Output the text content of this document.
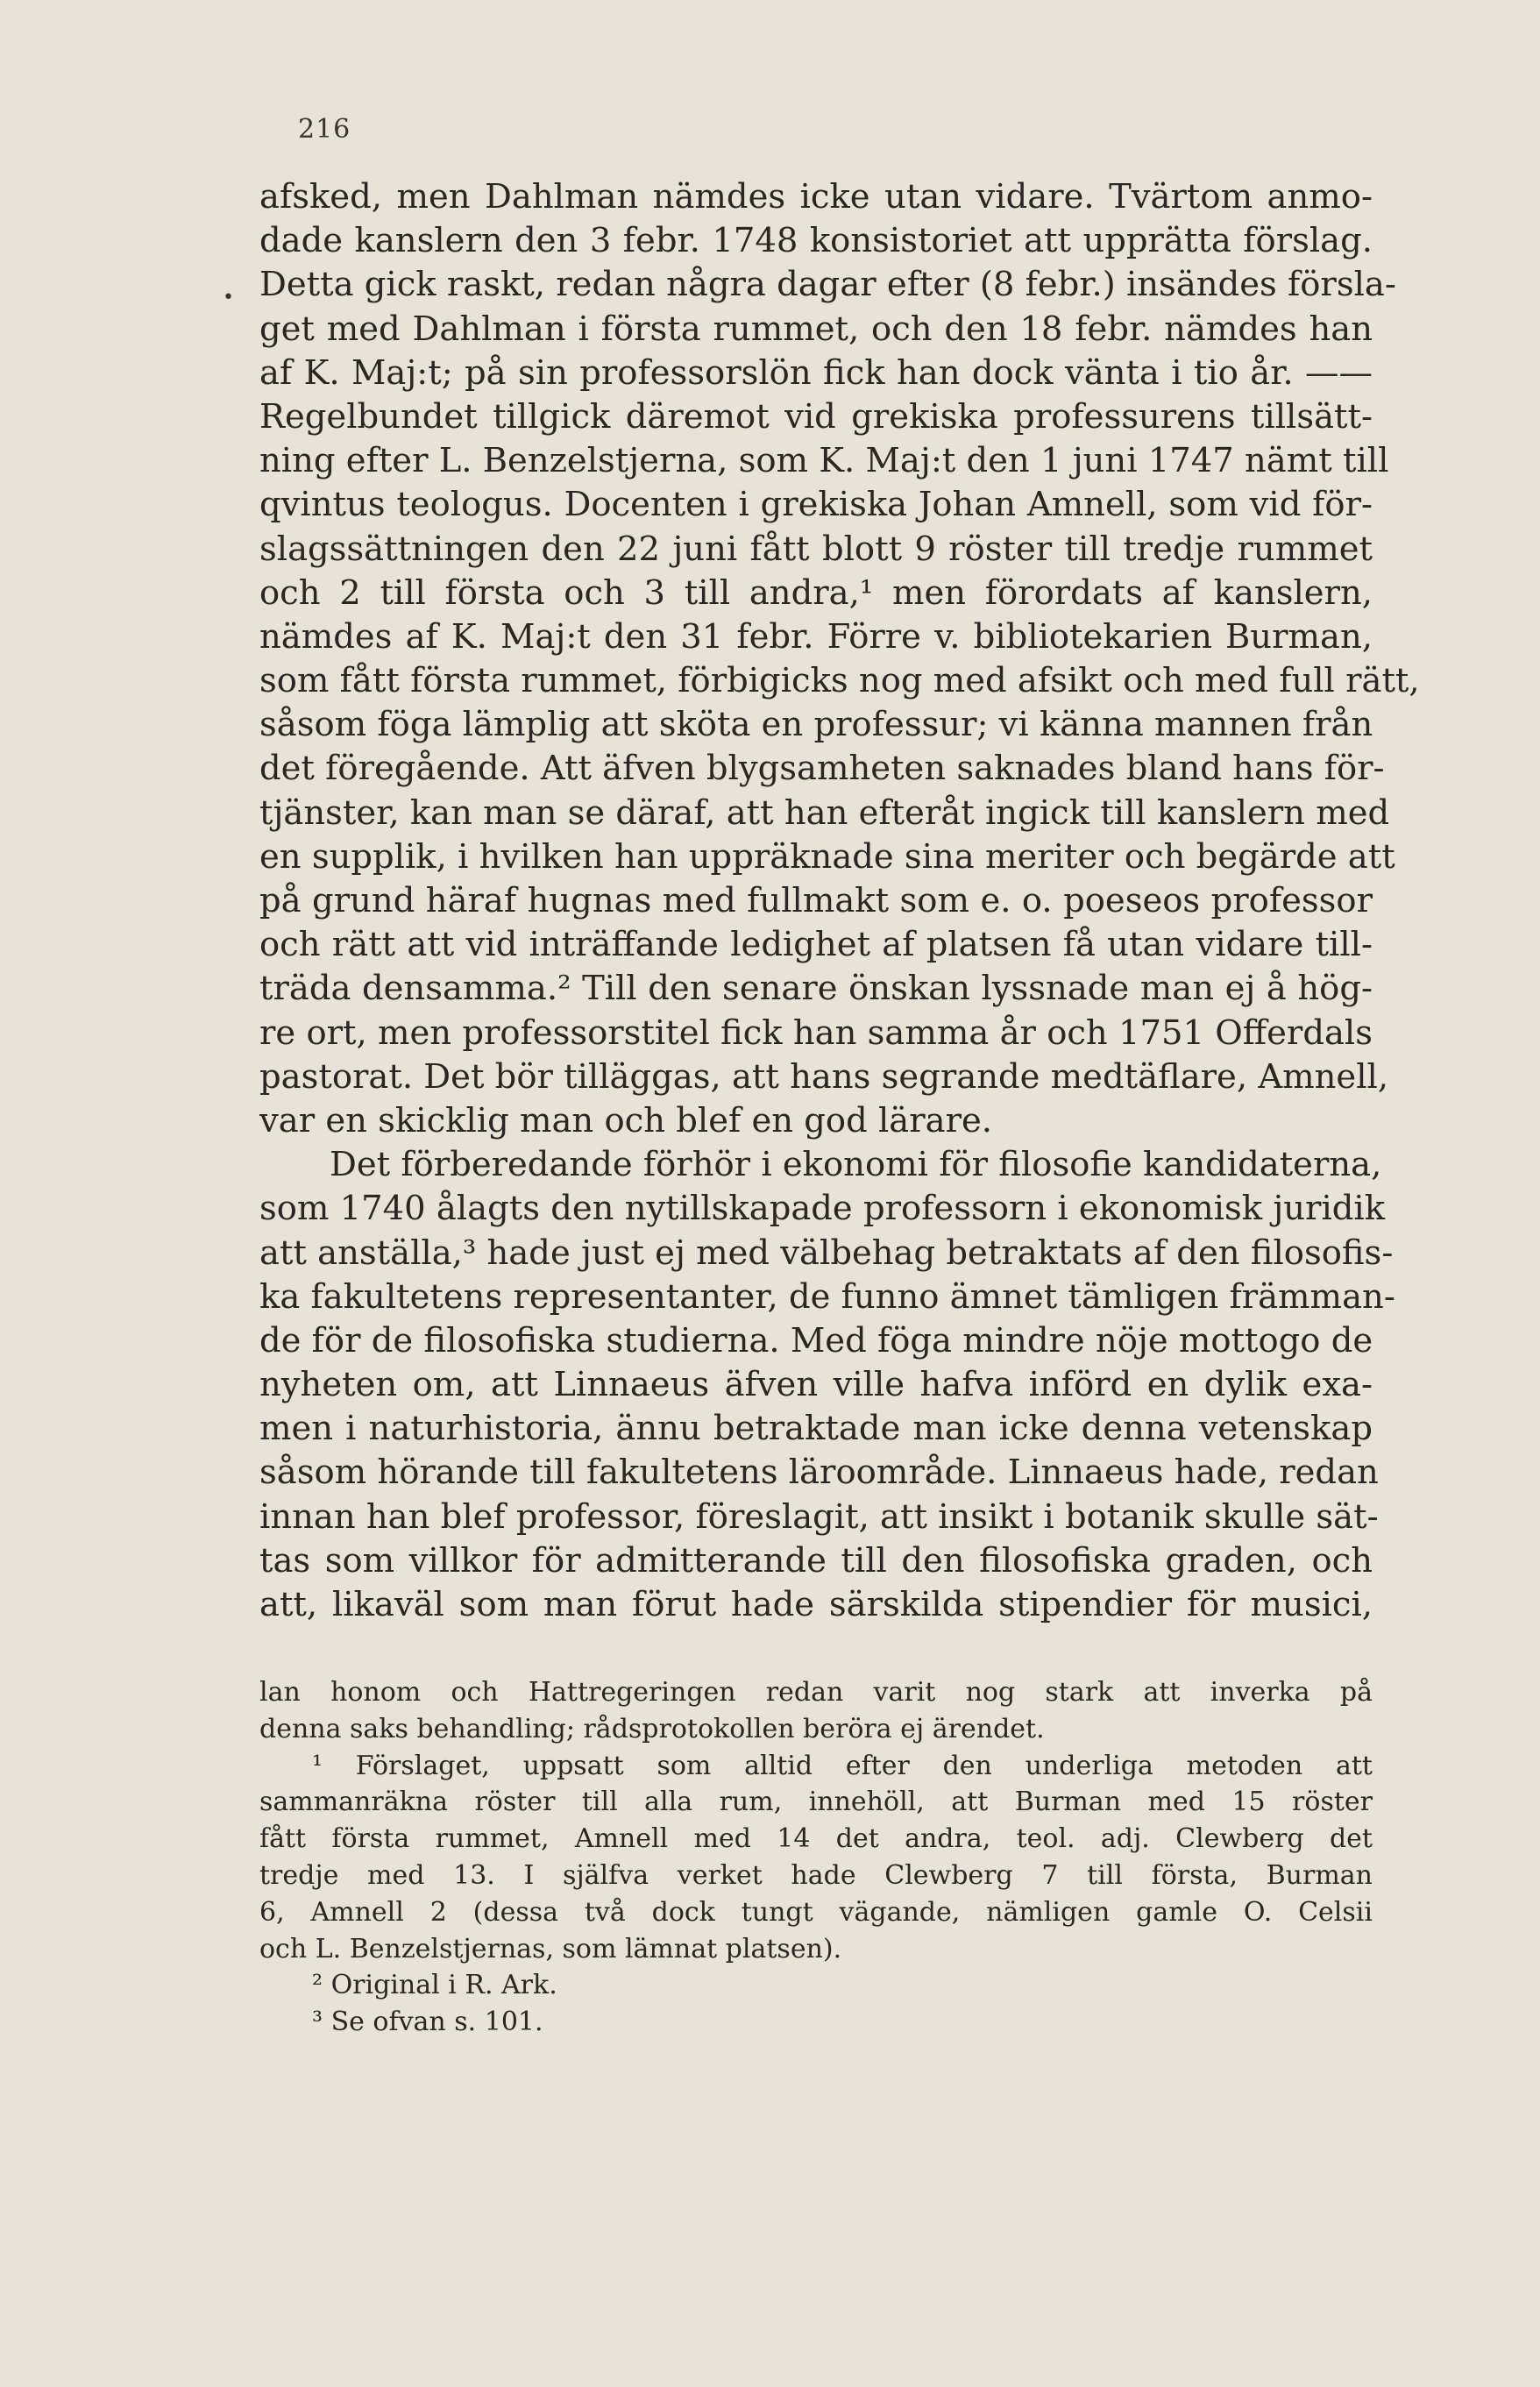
216
•
afsked, men Dahlman nämdes icke utan vidare. Tvärtom anmo-
dade kanslern den 3 febr. 1748 konsistoriet att upprätta förslag.
Detta gick raskt, redan några dagar efter (8 febr.) insändes försla-
get med Dahlman i första rummet, och den 18 febr. nämdes han
af K. Maj:t; på sin professorslön fick han dock vänta i tio år. ——
Regelbundet tillgick däremot vid grekiska professurens tillsätt-
ning efter L. Benzelstjerna, som K. Maj:t den 1 juni 1747 nämt till
qvintus teologus. Docenten i grekiska Johan Amnell, som vid för-
slagssättningen den 22 juni fått blott 9 röster till tredje rummet
och 2 till första och 3 till andra,¹ men förordats af kanslern,
nämdes af K. Maj:t den 31 febr. Förre v. bibliotekarien Burman,
som fått första rummet, förbigicks nog med afsikt och med full rätt,
såsom föga lämplig att sköta en professur; vi känna mannen från
det föregående. Att äfven blygsamheten saknades bland hans för-
tjänster, kan man se däraf, att han efteråt ingick till kanslern med
en supplik, i hvilken han uppräknade sina meriter och begärde att
på grund häraf hugnas med fullmakt som e. o. poeseos professor
och rätt att vid inträffande ledighet af platsen få utan vidare till-
träda densamma.² Till den senare önskan lyssnade man ej å hög-
re ort, men professorstitel fick han samma år och 1751 Offerdals
pastorat. Det bör tilläggas, att hans segrande medtäflare, Amnell,
var en skicklig man och blef en god lärare.
Det förberedande förhör i ekonomi för filosofie kandidaterna,
som 1740 ålagts den nytillskapade professorn i ekonomisk juridik
att anställa,³ hade just ej med välbehag betraktats af den filosofis-
ka fakultetens representanter, de funno ämnet tämligen främman-
de för de filosofiska studierna. Med föga mindre nöje mottogo de
nyheten om, att Linnaeus äfven ville hafva införd en dylik exa-
men i naturhistoria, ännu betraktade man icke denna vetenskap
såsom hörande till fakultetens läroområde. Linnaeus hade, redan
innan han blef professor, föreslagit, att insikt i botanik skulle sät-
tas som villkor för admitterande till den filosofiska graden, och
att, likaväl som man förut hade särskilda stipendier för musici,
lan honom och Hattregeringen redan varit nog stark att inverka på
denna saks behandling; rådsprotokollen beröra ej ärendet.
¹ Förslaget, uppsatt som alltid efter den underliga metoden att
sammanräkna röster till alla rum, innehöll, att Burman med 15 röster
fått första rummet, Amnell med 14 det andra, teol. adj. Clewberg det
tredje med 13. I själfva verket hade Clewberg 7 till första, Burman
6, Amnell 2 (dessa två dock tungt vägande, nämligen gamle O. Celsii
och L. Benzelstjernas, som lämnat platsen).
² Original i R. Ark.
³ Se ofvan s. 101.
